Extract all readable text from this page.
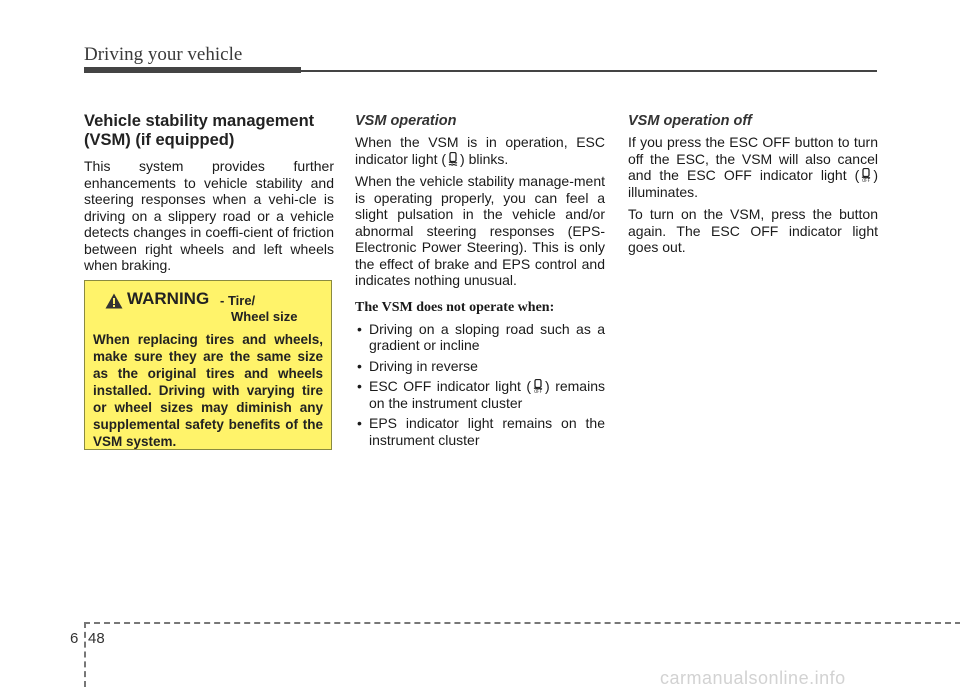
Driving your vehicle
Vehicle stability management
(VSM) (if equipped)

This system provides further enhancements to vehicle stability and steering responses when a vehi-cle is driving on a slippery road or a vehicle detects changes in coeffi-cient of friction between right wheels and left wheels when braking.

WARNING - Tire/
Wheel size

When replacing tires and wheels, make sure they are the same size as the original tires and wheels installed. Driving with varying tire or wheel sizes may diminish any supplemental safety benefits of the VSM system.

VSM operation

When the VSM is in operation, ESC indicator light ( ) blinks.

When the vehicle stability manage-ment is operating properly, you can feel a slight pulsation in the vehicle and/or abnormal steering responses (EPS- Electronic Power Steering). This is only the effect of brake and EPS control and indicates nothing unusual.

The VSM does not operate when:
• Driving on a sloping road such as a gradient or incline
• Driving in reverse
• ESC OFF indicator light ( OFF ) remains on the instrument cluster
• EPS indicator light remains on the instrument cluster
VSM operation off

If you press the ESC OFF button to turn off the ESC, the VSM will also cancel and the ESC OFF indicator light ( OFF ) illuminates.

To turn on the VSM, press the button again. The ESC OFF indicator light goes out.

6 48
carmanualsonline.info
